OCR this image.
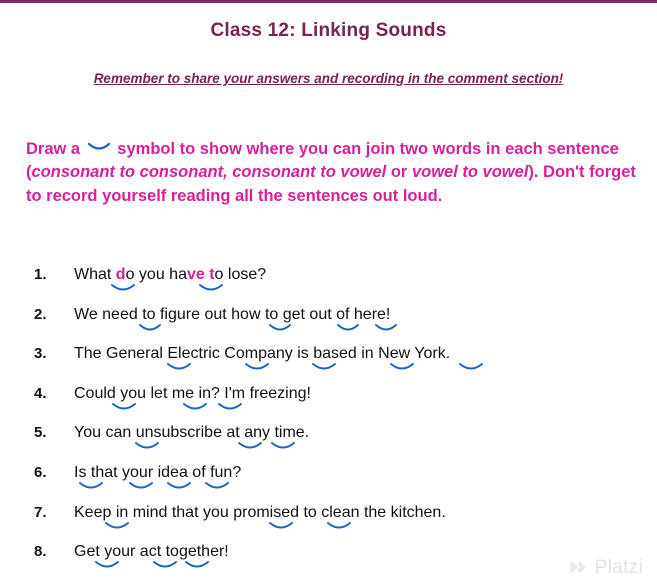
Class 12: Linking Sounds
Remember to share your answers and recording in the comment section!
Draw a symbol to show where you can join two words in each sentence (consonant to consonant, consonant to vowel or vowel to vowel). Don't forget to record yourself reading all the sentences out loud.
1.	What do you have to lose?
2.	We need to figure out how to get out of here!
3.	The General Electric Company is based in New York.
4.	Could you let me in? I'm freezing!
5.	You can unsubscribe at any time.
6.	Is that your idea of fun?
7.	Keep in mind that you promised to clean the kitchen.
8.	Get your act together!
Platzi
